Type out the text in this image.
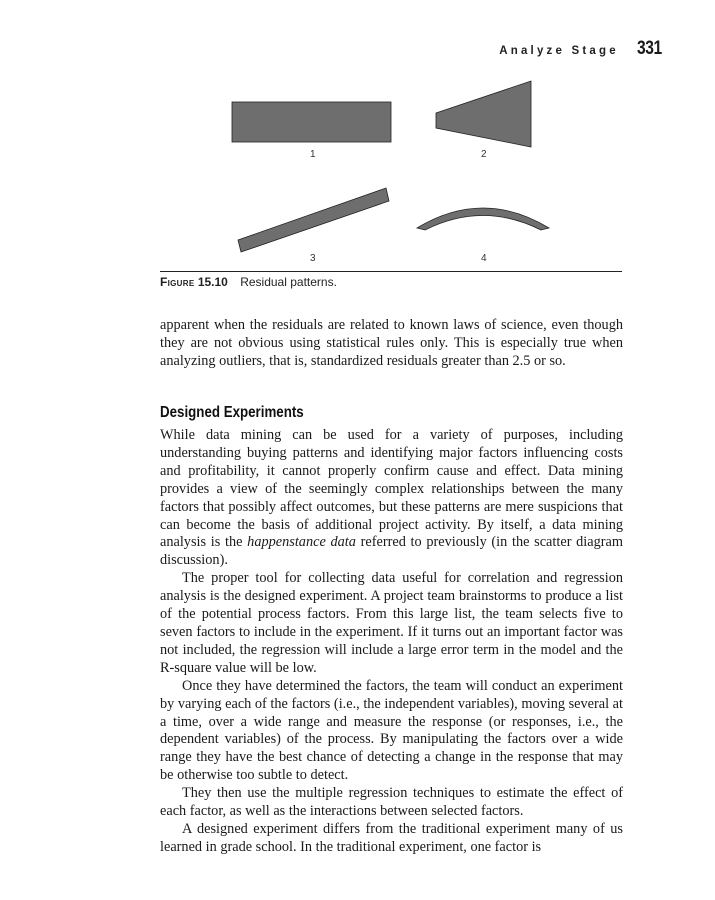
Analyze Stage 331
1	2
3	4
Figure 15.10 Residual patterns.

apparent when the residuals are related to known laws of science, even though they are not obvious using statistical rules only. This is especially true when analyzing outliers, that is, standardized residuals greater than 2.5 or so.

Designed Experiments

While data mining can be used for a variety of purposes, including understanding buying patterns and identifying major factors influencing costs and profitability, it cannot properly confirm cause and effect. Data mining provides a view of the seemingly complex relationships between the many factors that possibly affect outcomes, but these patterns are mere suspicions that can become the basis of additional project activity. By itself, a data mining analysis is the happenstance data referred to previously (in the scatter diagram discussion).

The proper tool for collecting data useful for correlation and regression analysis is the designed experiment. A project team brainstorms to produce a list of the potential process factors. From this large list, the team selects five to seven factors to include in the experiment. If it turns out an important factor was not included, the regression will include a large error term in the model and the R-square value will be low.

Once they have determined the factors, the team will conduct an experiment by varying each of the factors (i.e., the independent variables), moving several at a time, over a wide range and measure the response (or responses, i.e., the dependent variables) of the process. By manipulating the factors over a wide range they have the best chance of detecting a change in the response that may be otherwise too subtle to detect.

They then use the multiple regression techniques to estimate the effect of each factor, as well as the interactions between selected factors.

A designed experiment differs from the traditional experiment many of us learned in grade school. In the traditional experiment, one factor is
